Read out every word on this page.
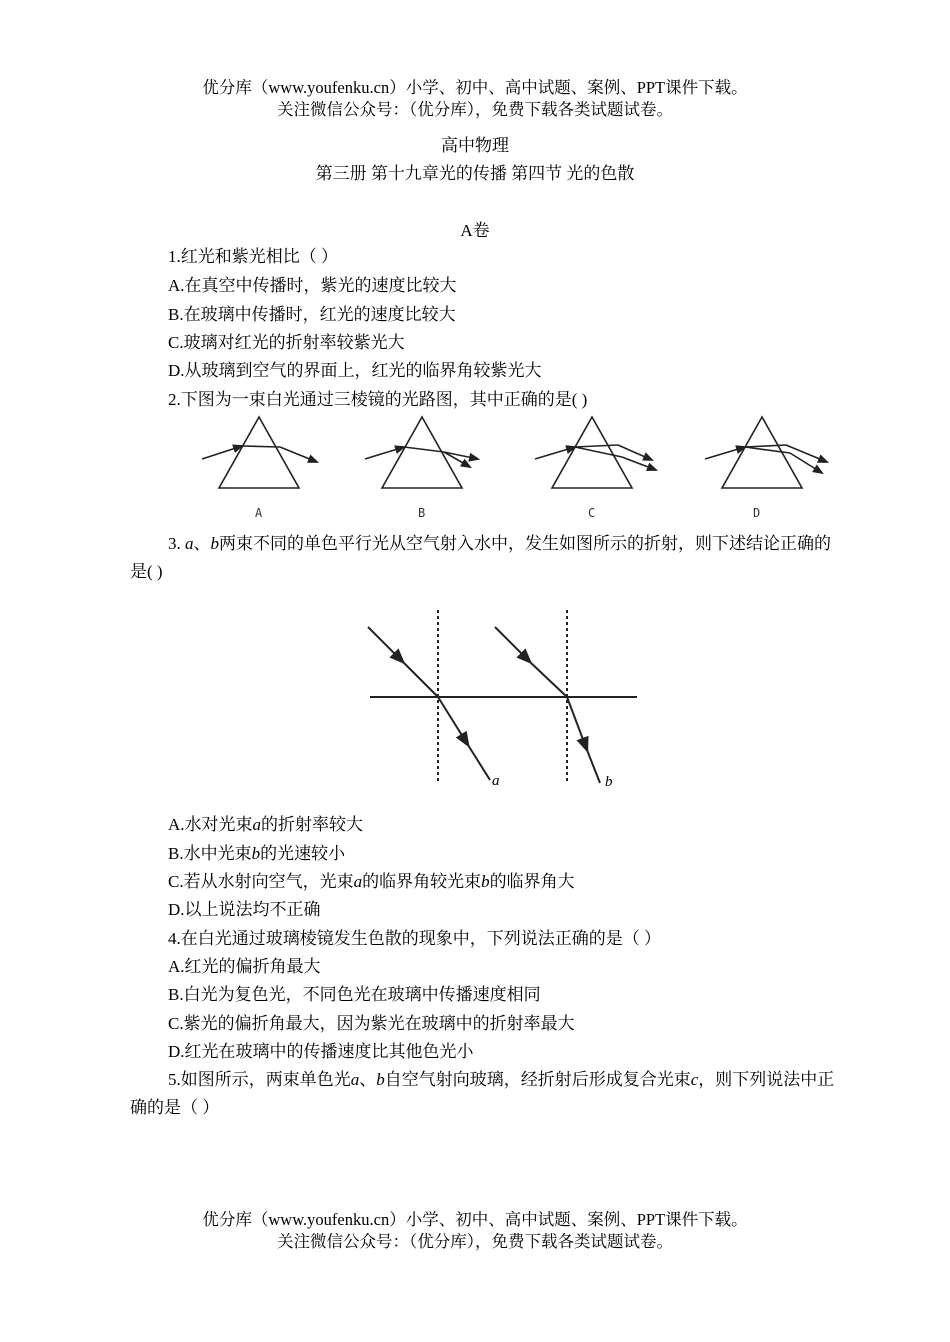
优分库（www.youfenku.cn）小学、初中、高中试题、案例、PPT课件下载。
关注微信公众号：（优分库），免费下载各类试题试卷。
高中物理
第三册 第十九章光的传播 第四节 光的色散
A卷
1.红光和紫光相比（ ）
A.在真空中传播时，紫光的速度比较大
B.在玻璃中传播时，红光的速度比较大
C.玻璃对红光的折射率较紫光大
D.从玻璃到空气的界面上，红光的临界角较紫光大
2.下图为一束白光通过三棱镜的光路图，其中正确的是( )
A	B	C	D
3. a、b两束不同的单色平行光从空气射入水中，发生如图所示的折射，则下述结论正确的是( )
a	b
A.水对光束a的折射率较大
B.水中光束b的光速较小
C.若从水射向空气，光束a的临界角较光束b的临界角大
D.以上说法均不正确
4.在白光通过玻璃棱镜发生色散的现象中，下列说法正确的是（ ）
A.红光的偏折角最大
B.白光为复色光，不同色光在玻璃中传播速度相同
C.紫光的偏折角最大，因为紫光在玻璃中的折射率最大
D.红光在玻璃中的传播速度比其他色光小
5.如图所示，两束单色光a、b自空气射向玻璃，经折射后形成复合光束c，则下列说法中正确的是（ ）
优分库（www.youfenku.cn）小学、初中、高中试题、案例、PPT课件下载。
关注微信公众号：（优分库），免费下载各类试题试卷。
